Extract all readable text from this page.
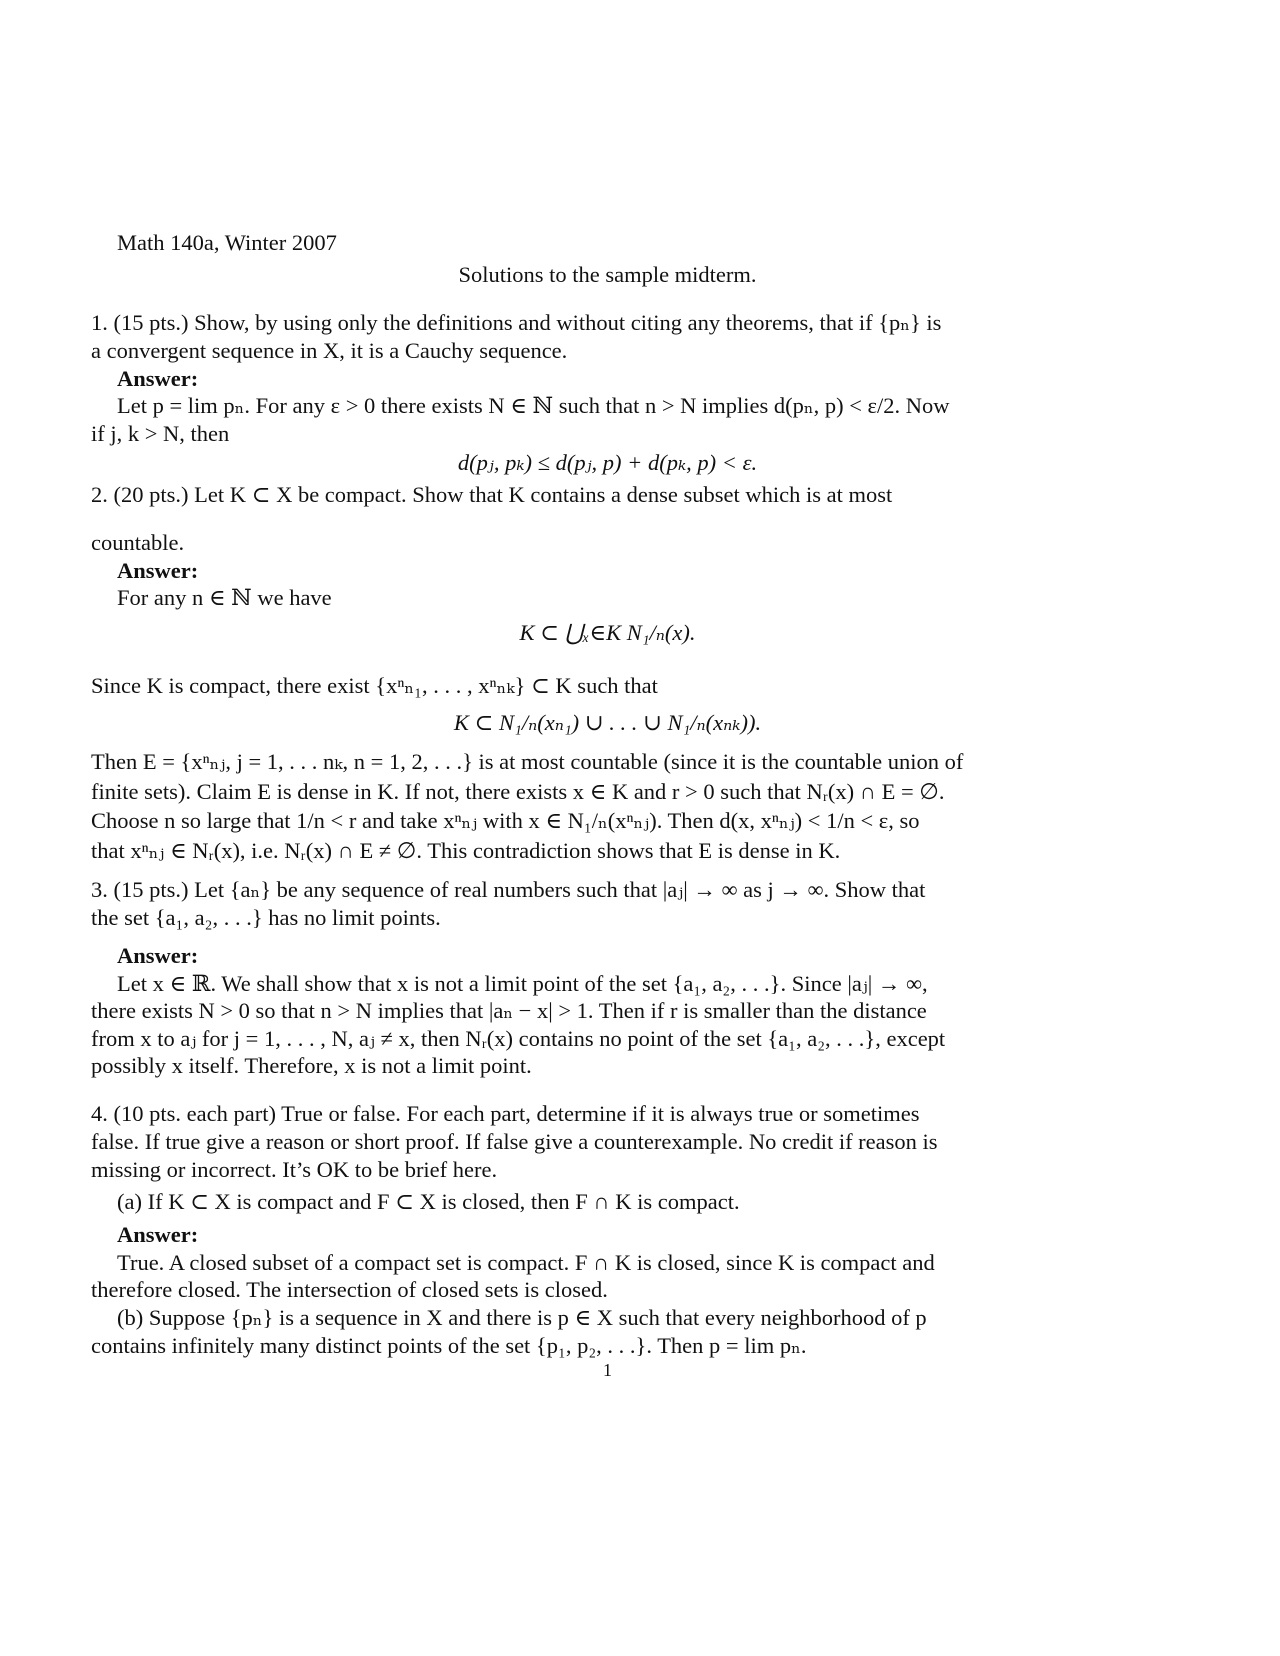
Math 140a, Winter 2007
Solutions to the sample midterm.
1. (15 pts.) Show, by using only the definitions and without citing any theorems, that if {pₙ} is
a convergent sequence in X, it is a Cauchy sequence.
Answer:
Let p = lim pₙ. For any ε > 0 there exists N ∈ ℕ such that n > N implies d(pₙ, p) < ε/2. Now
if j, k > N, then
d(pⱼ, pₖ) ≤ d(pⱼ, p) + d(pₖ, p) < ε.
2. (20 pts.) Let K ⊂ X be compact. Show that K contains a dense subset which is at most
countable.
Answer:
For any n ∈ ℕ we have
K ⊂ ⋃ₓ∈K N₁/ₙ(x).
Since K is compact, there exist {xⁿₙ₁, . . . , xⁿₙₖ} ⊂ K such that
K ⊂ N₁/ₙ(xₙ₁) ∪ . . . ∪ N₁/ₙ(xₙₖ)).
Then E = {xⁿₙⱼ, j = 1, . . . nₖ, n = 1, 2, . . .} is at most countable (since it is the countable union of
finite sets). Claim E is dense in K. If not, there exists x ∈ K and r > 0 such that Nᵣ(x) ∩ E = ∅.
Choose n so large that 1/n < r and take xⁿₙⱼ with x ∈ N₁/ₙ(xⁿₙⱼ). Then d(x, xⁿₙⱼ) < 1/n < ε, so
that xⁿₙⱼ ∈ Nᵣ(x), i.e. Nᵣ(x) ∩ E ≠ ∅. This contradiction shows that E is dense in K.
3. (15 pts.) Let {aₙ} be any sequence of real numbers such that |aⱼ| → ∞ as j → ∞. Show that
the set {a₁, a₂, . . .} has no limit points.
Answer:
Let x ∈ ℝ. We shall show that x is not a limit point of the set {a₁, a₂, . . .}. Since |aⱼ| → ∞,
there exists N > 0 so that n > N implies that |aₙ − x| > 1. Then if r is smaller than the distance
from x to aⱼ for j = 1, . . . , N, aⱼ ≠ x, then Nᵣ(x) contains no point of the set {a₁, a₂, . . .}, except
possibly x itself. Therefore, x is not a limit point.
4. (10 pts. each part) True or false. For each part, determine if it is always true or sometimes
false. If true give a reason or short proof. If false give a counterexample. No credit if reason is
missing or incorrect. It’s OK to be brief here.
(a) If K ⊂ X is compact and F ⊂ X is closed, then F ∩ K is compact.
Answer:
True. A closed subset of a compact set is compact. F ∩ K is closed, since K is compact and
therefore closed. The intersection of closed sets is closed.
(b) Suppose {pₙ} is a sequence in X and there is p ∈ X such that every neighborhood of p
contains infinitely many distinct points of the set {p₁, p₂, . . .}. Then p = lim pₙ.
1
